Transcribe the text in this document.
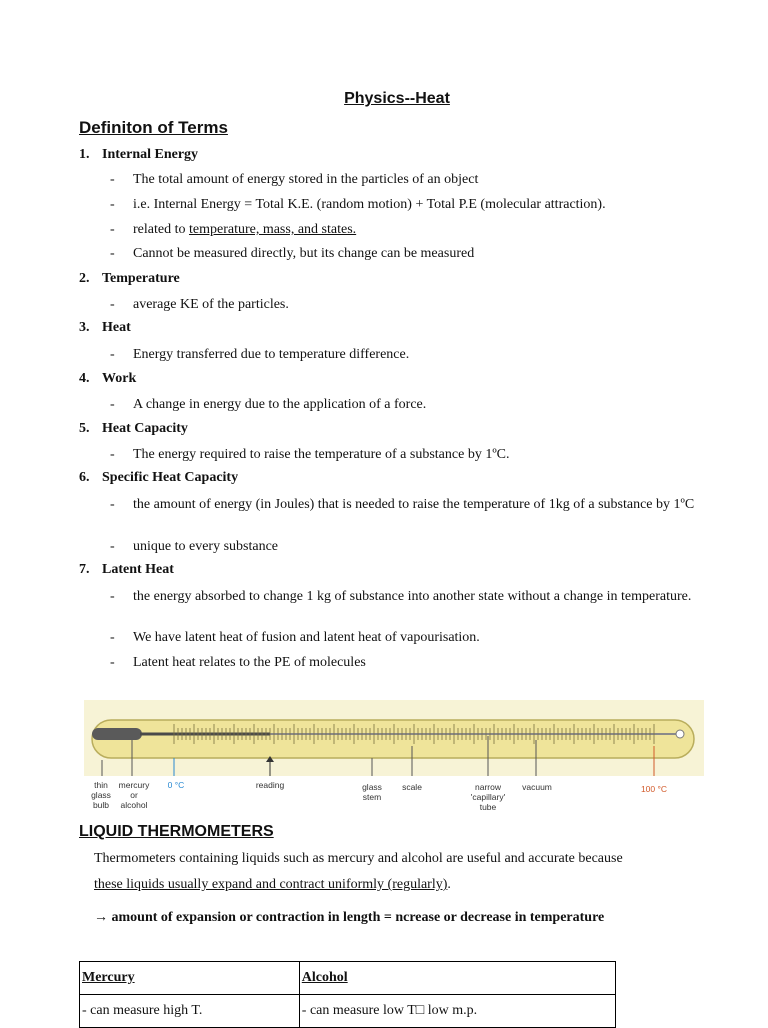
Physics--Heat
Definiton of Terms
1. Internal Energy
- The total amount of energy stored in the particles of an object
- i.e. Internal Energy = Total K.E. (random motion) + Total P.E (molecular attraction).
- related to temperature, mass, and states.
- Cannot be measured directly, but its change can be measured
2. Temperature
- average KE of the particles.
3. Heat
- Energy transferred due to temperature difference.
4. Work
- A change in energy due to the application of a force.
5. Heat Capacity
- The energy required to raise the temperature of a substance by 1ºC.
6. Specific Heat Capacity
- the amount of energy (in Joules) that is needed to raise the temperature of 1kg of a substance by 1ºC
- unique to every substance
7. Latent Heat
- the energy absorbed to change 1 kg of substance into another state without a change in temperature.
- We have latent heat of fusion and latent heat of vapourisation.
- Latent heat relates to the PE of molecules
thin
glass
bulb
mercury
or
alcohol
0 °C	reading	glass
stem
scale	narrow
'capillary'
tube
vacuum	100 °C
LIQUID THERMOMETERS
Thermometers containing liquids such as mercury and alcohol are useful and accurate because
these liquids usually expand and contract uniformly (regularly).
→ amount of expansion or contraction in length = ncrease or decrease in temperature
Mercury	Alcohol
- can measure high T.	- can measure low T□ low m.p.
